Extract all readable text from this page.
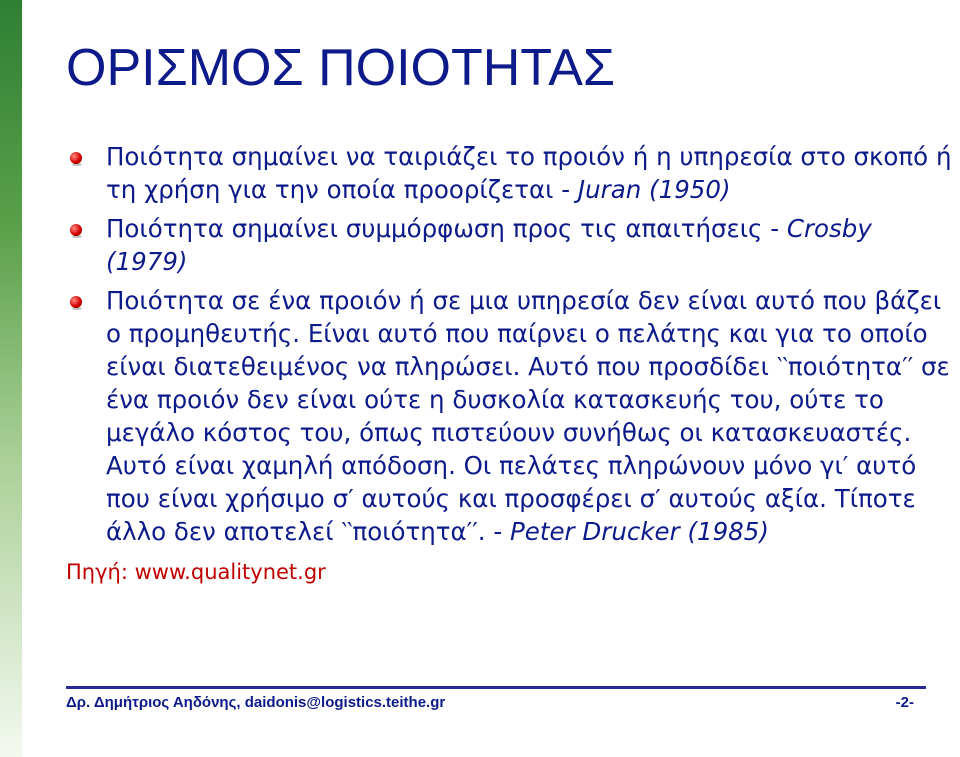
ΟΡΙΣΜΟΣ ΠΟΙΟΤΗΤΑΣ

Ποιότητα σημαίνει να ταιριάζει το προιόν ή η υπηρεσία στο σκοπό ή τη χρήση για την οποία προορίζεται - Juran (1950)

Ποιότητα σημαίνει συμμόρφωση προς τις απαιτήσεις - Crosby (1979)

Ποιότητα σε ένα προιόν ή σε μια υπηρεσία δεν είναι αυτό που βάζει ο προμηθευτής. Είναι αυτό που παίρνει ο πελάτης και για το οποίο είναι διατεθειμένος να πληρώσει. Αυτό που προσδίδει ‵‵ποιότητα′′ σε ένα προιόν δεν είναι ούτε η δυσκολία κατασκευής του, ούτε το μεγάλο κόστος του, όπως πιστεύουν συνήθως οι κατασκευαστές. Αυτό είναι χαμηλή απόδοση. Οι πελάτες πληρώνουν μόνο γι′ αυτό που είναι χρήσιμο σ′ αυτούς και προσφέρει σ′ αυτούς αξία. Τίποτε άλλο δεν αποτελεί ‵‵ποιότητα′′. - Peter Drucker (1985)

Πηγή: www.qualitynet.gr

Δρ. Δημήτριος Αηδόνης, daidonis@logistics.teithe.gr	-2-
